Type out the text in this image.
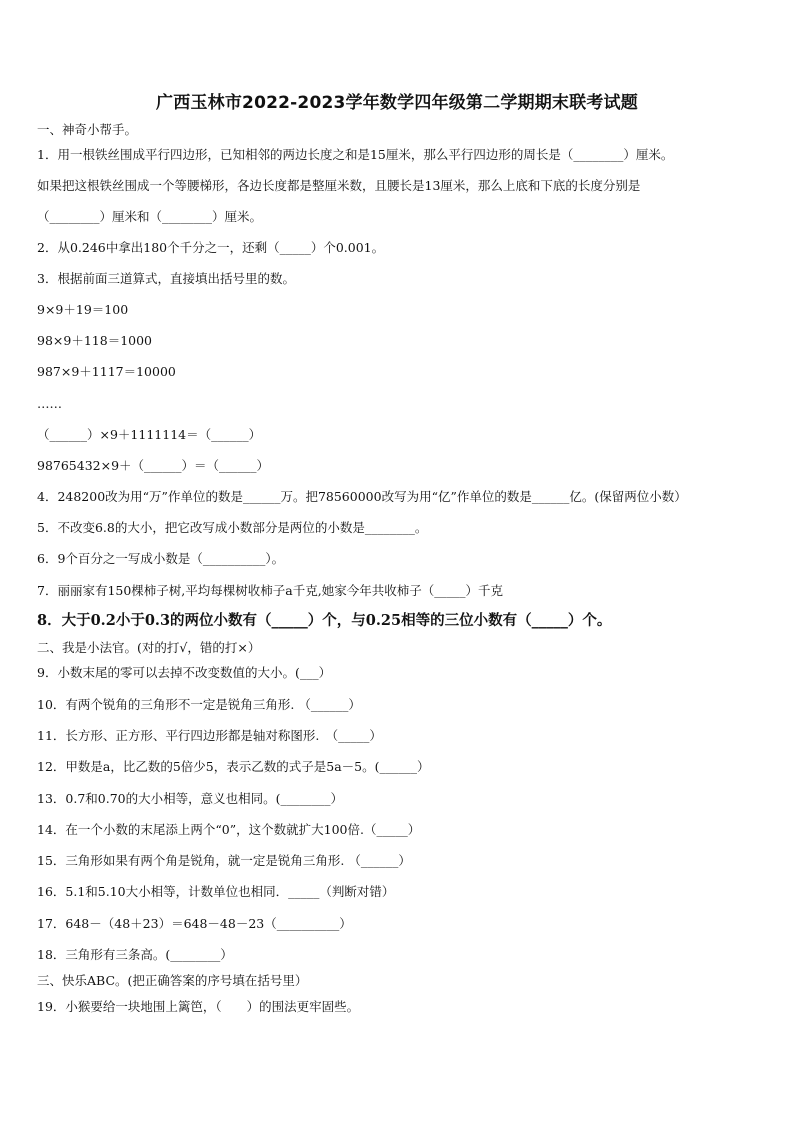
广西玉林市2022-2023学年数学四年级第二学期期末联考试题
一、神奇小帮手。
1．用一根铁丝围成平行四边形，已知相邻的两边长度之和是15厘米，那么平行四边形的周长是（________）厘米。
如果把这根铁丝围成一个等腰梯形，各边长度都是整厘米数，且腰长是13厘米，那么上底和下底的长度分别是
（________）厘米和（________）厘米。
2．从0.246中拿出180个千分之一，还剩（_____）个0.001。
3．根据前面三道算式，直接填出括号里的数。
9×9＋19＝100
98×9＋118＝1000
987×9＋1117＝10000
……
（______）×9＋1111114＝（______）
98765432×9＋（______）＝（______）
4．248200改为用“万”作单位的数是______万。把78560000改写为用“亿”作单位的数是______亿。(保留两位小数）
5．不改变6.8的大小，把它改写成小数部分是两位的小数是________。
6．9个百分之一写成小数是（__________）。
7．丽丽家有150棵柿子树,平均每棵树收柿子a千克,她家今年共收柿子（_____）千克
8．大于0.2小于0.3的两位小数有（_____）个，与0.25相等的三位小数有（_____）个。
二、我是小法官。(对的打√，错的打×）
9．小数末尾的零可以去掉不改变数值的大小。(___）
10．有两个锐角的三角形不一定是锐角三角形. （______）
11．长方形、正方形、平行四边形都是轴对称图形.　（_____）
12．甲数是a，比乙数的5倍少5，表示乙数的式子是5a－5。(______）
13．0.7和0.70的大小相等，意义也相同。(________）
14．在一个小数的末尾添上两个“0”，这个数就扩大100倍.（_____）
15．三角形如果有两个角是锐角，就一定是锐角三角形. （______）
16．5.1和5.10大小相等，计数单位也相同．_____（判断对错）
17．648－（48＋23）＝648－48－23（__________）
18．三角形有三条高。(________）
三、快乐ABC。(把正确答案的序号填在括号里）
19．小猴要给一块地围上篱笆，（　　）的围法更牢固些。
